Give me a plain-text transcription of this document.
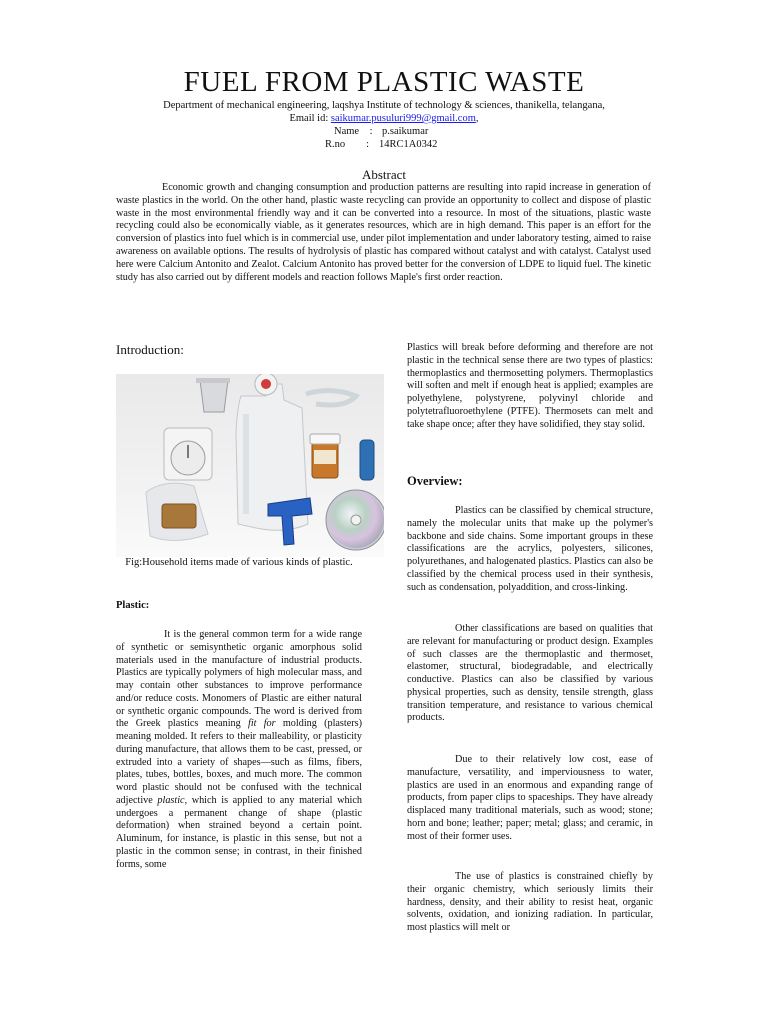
FUEL FROM PLASTIC WASTE
Department of mechanical engineering, laqshya Institute of technology & sciences, thanikella, telangana,
Email id: saikumar.pusuluri999@gmail.com,
Name    : p.saikumar
R.no        : 14RC1A0342
Abstract

Economic growth and changing consumption and production patterns are resulting into rapid increase in generation of waste plastics in the world. On the other hand, plastic waste recycling can provide an opportunity to collect and dispose of plastic waste in the most environmental friendly way and it can be converted into a resource. In most of the situations, plastic waste recycling could also be economically viable, as it generates resources, which are in high demand. This paper is an effort for the conversion of plastics into fuel which is in commercial use, under pilot implementation and under laboratory testing, aimed to raise awareness on available options. The results of hydrolysis of plastic has compared without catalyst and with catalyst. Catalyst used here were Calcium Antonito and Zealot. Calcium Antonito has proved better for the conversion of LDPE to liquid fuel. The kinetic study has also carried out by different models and reaction follows Maple's first order reaction.

Introduction:
Fig:Household items made of various kinds of plastic.
Plastic:

It is the general common term for a wide range of synthetic or semisynthetic organic amorphous solid materials used in the manufacture of industrial products. Plastics are typically polymers of high molecular mass, and may contain other substances to improve performance and/or reduce costs. Monomers of Plastic are either natural or synthetic organic compounds. The word is derived from the Greek plastics meaning fit for molding (plasters) meaning molded. It refers to their malleability, or plasticity during manufacture, that allows them to be cast, pressed, or extruded into a variety of shapes—such as films, fibers, plates, tubes, bottles, boxes, and much more. The common word plastic should not be confused with the technical adjective plastic, which is applied to any material which undergoes a permanent change of shape (plastic deformation) when strained beyond a certain point. Aluminum, for instance, is plastic in this sense, but not a plastic in the common sense; in contrast, in their finished forms, some

Plastics will break before deforming and therefore are not plastic in the technical sense there are two types of plastics: thermoplastics and thermosetting polymers. Thermoplastics will soften and melt if enough heat is applied; examples are polyethylene, polystyrene, polyvinyl chloride and polytetrafluoroethylene (PTFE). Thermosets can melt and take shape once; after they have solidified, they stay solid.

Overview:

Plastics can be classified by chemical structure, namely the molecular units that make up the polymer's backbone and side chains. Some important groups in these classifications are the acrylics, polyesters, silicones, polyurethanes, and halogenated plastics. Plastics can also be classified by the chemical process used in their synthesis, such as condensation, polyaddition, and cross-linking.

Other classifications are based on qualities that are relevant for manufacturing or product design. Examples of such classes are the thermoplastic and thermoset, elastomer, structural, biodegradable, and electrically conductive. Plastics can also be classified by various physical properties, such as density, tensile strength, glass transition temperature, and resistance to various chemical products.

Due to their relatively low cost, ease of manufacture, versatility, and imperviousness to water, plastics are used in an enormous and expanding range of products, from paper clips to spaceships. They have already displaced many traditional materials, such as wood; stone; horn and bone; leather; paper; metal; glass; and ceramic, in most of their former uses.

The use of plastics is constrained chiefly by their organic chemistry, which seriously limits their hardness, density, and their ability to resist heat, organic solvents, oxidation, and ionizing radiation. In particular, most plastics will melt or
